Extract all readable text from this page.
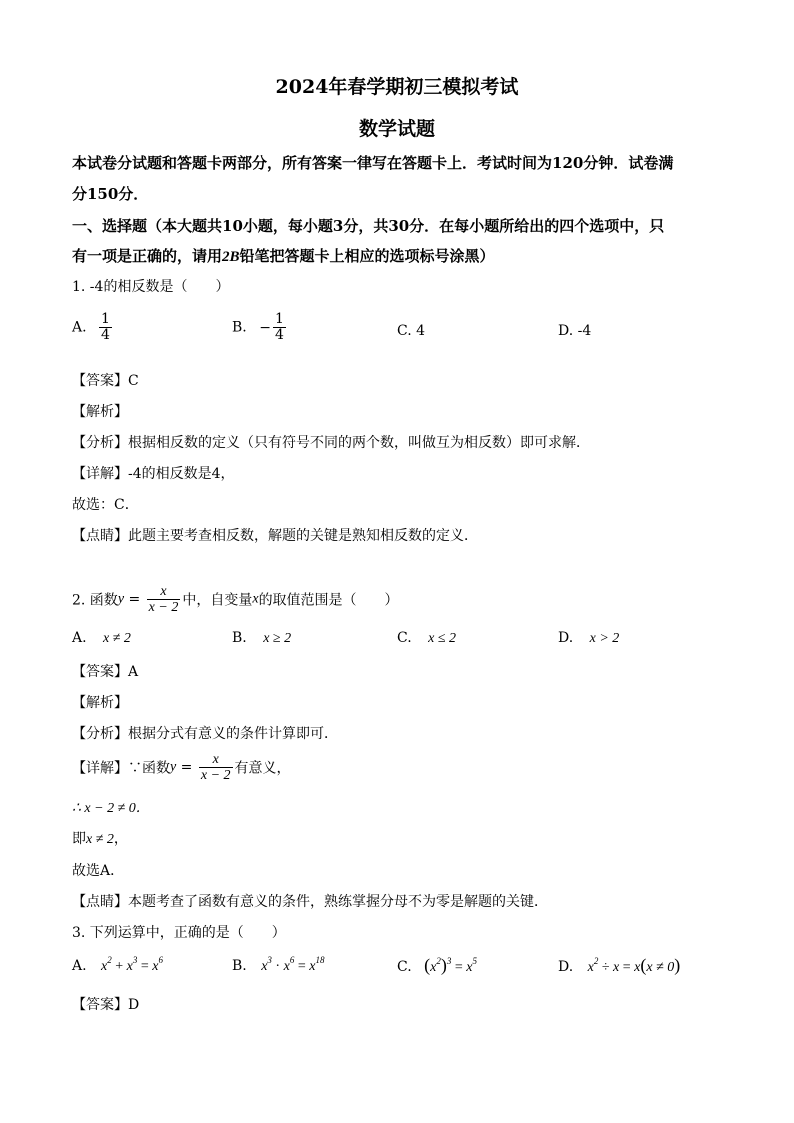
2024年春学期初三模拟考试
数学试题
本试卷分试题和答题卡两部分，所有答案一律写在答题卡上．考试时间为120分钟．试卷满
分150分．
一、选择题（本大题共10小题，每小题3分，共30分．在每小题所给出的四个选项中，只
有一项是正确的，请用2B铅笔把答题卡上相应的选项标号涂黑）
1. -4的相反数是（　　）
A. $\frac{1}{4}$	B. − $\frac{1}{4}$	C. 4	D. -4
【答案】C
【解析】
【分析】根据相反数的定义（只有符号不同的两个数，叫做互为相反数）即可求解．
【详解】-4的相反数是4，
故选：C．
【点睛】此题主要考查相反数，解题的关键是熟知相反数的定义．
2. 函数$y = \frac{x}{x - 2}$ 中，自变量x的取值范围是（　　）
A. x ≠ 2	B. x ≥ 2	C. x ≤ 2	D. x > 2
【答案】A
【解析】
【分析】根据分式有意义的条件计算即可．
【详解】∵函数$y = \frac{x}{x - 2}$ 有意义，
∴ x − 2 ≠ 0．
即x ≠ 2，
故选A．
【点睛】本题考查了函数有意义的条件，熟练掌握分母不为零是解题的关键．
3. 下列运算中，正确的是（　　）
A. $x^2 + x^3 = x^6$	B. $x^3 \cdot x^6 = x^{18}$	C. $(x^2)^3 = x^5$	D. $x^2 \div x = x(x \ne 0)$
【答案】D
